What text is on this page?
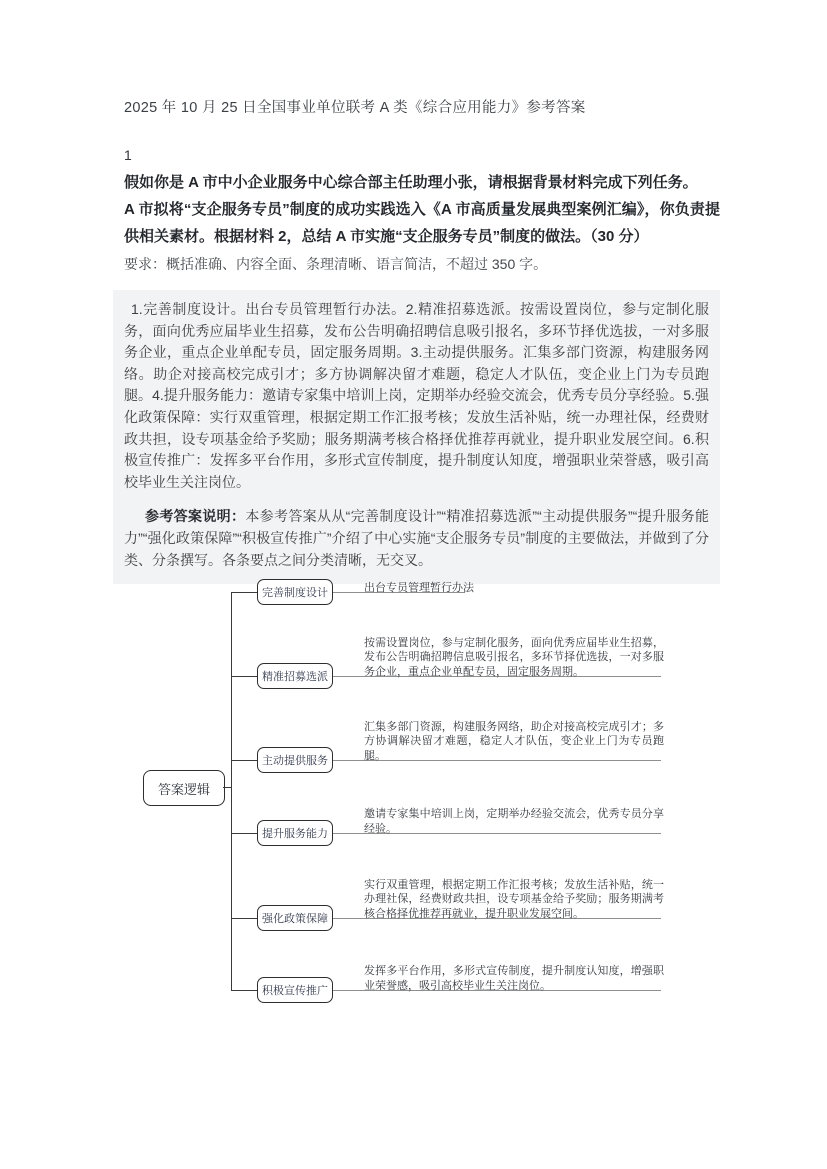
2025 年 10 月 25 日全国事业单位联考 A 类《综合应用能力》参考答案

1

假如你是 A 市中小企业服务中心综合部主任助理小张，请根据背景材料完成下列任务。

A 市拟将“支企服务专员”制度的成功实践选入《A 市高质量发展典型案例汇编》，你负责提供相关素材。根据材料 2，总结 A 市实施“支企服务专员”制度的做法。（30 分）

要求：概括准确、内容全面、条理清晰、语言简洁，不超过 350 字。

1.完善制度设计。出台专员管理暂行办法。2.精准招募选派。按需设置岗位，参与定制化服务，面向优秀应届毕业生招募，发布公告明确招聘信息吸引报名，多环节择优选拔，一对多服务企业，重点企业单配专员，固定服务周期。3.主动提供服务。汇集多部门资源，构建服务网络。助企对接高校完成引才；多方协调解决留才难题，稳定人才队伍，变企业上门为专员跑腿。4.提升服务能力：邀请专家集中培训上岗，定期举办经验交流会，优秀专员分享经验。5.强化政策保障：实行双重管理，根据定期工作汇报考核；发放生活补贴，统一办理社保，经费财政共担，设专项基金给予奖励；服务期满考核合格择优推荐再就业，提升职业发展空间。6.积极宣传推广：发挥多平台作用，多形式宣传制度，提升制度认知度，增强职业荣誉感，吸引高校毕业生关注岗位。

参考答案说明：本参考答案从从“完善制度设计”“精准招募选派”“主动提供服务”“提升服务能力”“强化政策保障”“积极宣传推广”介绍了中心实施“支企服务专员”制度的主要做法，并做到了分类、分条撰写。各条要点之间分类清晰，无交叉。

答案逻辑
完善制度设计	出台专员管理暂行办法
精准招募选派
按需设置岗位，参与定制化服务，面向优秀应届毕业生招募，发布公告明确招聘信息吸引报名，多环节择优选拔，一对多服务企业，重点企业单配专员，固定服务周期。
主动提供服务
汇集多部门资源，构建服务网络，助企对接高校完成引才；多方协调解决留才难题，稳定人才队伍，变企业上门为专员跑腿。
提升服务能力
邀请专家集中培训上岗，定期举办经验交流会，优秀专员分享经验。
强化政策保障
实行双重管理，根据定期工作汇报考核；发放生活补贴，统一办理社保，经费财政共担，设专项基金给予奖励；服务期满考核合格择优推荐再就业，提升职业发展空间。
积极宣传推广
发挥多平台作用，多形式宣传制度，提升制度认知度，增强职业荣誉感，吸引高校毕业生关注岗位。
